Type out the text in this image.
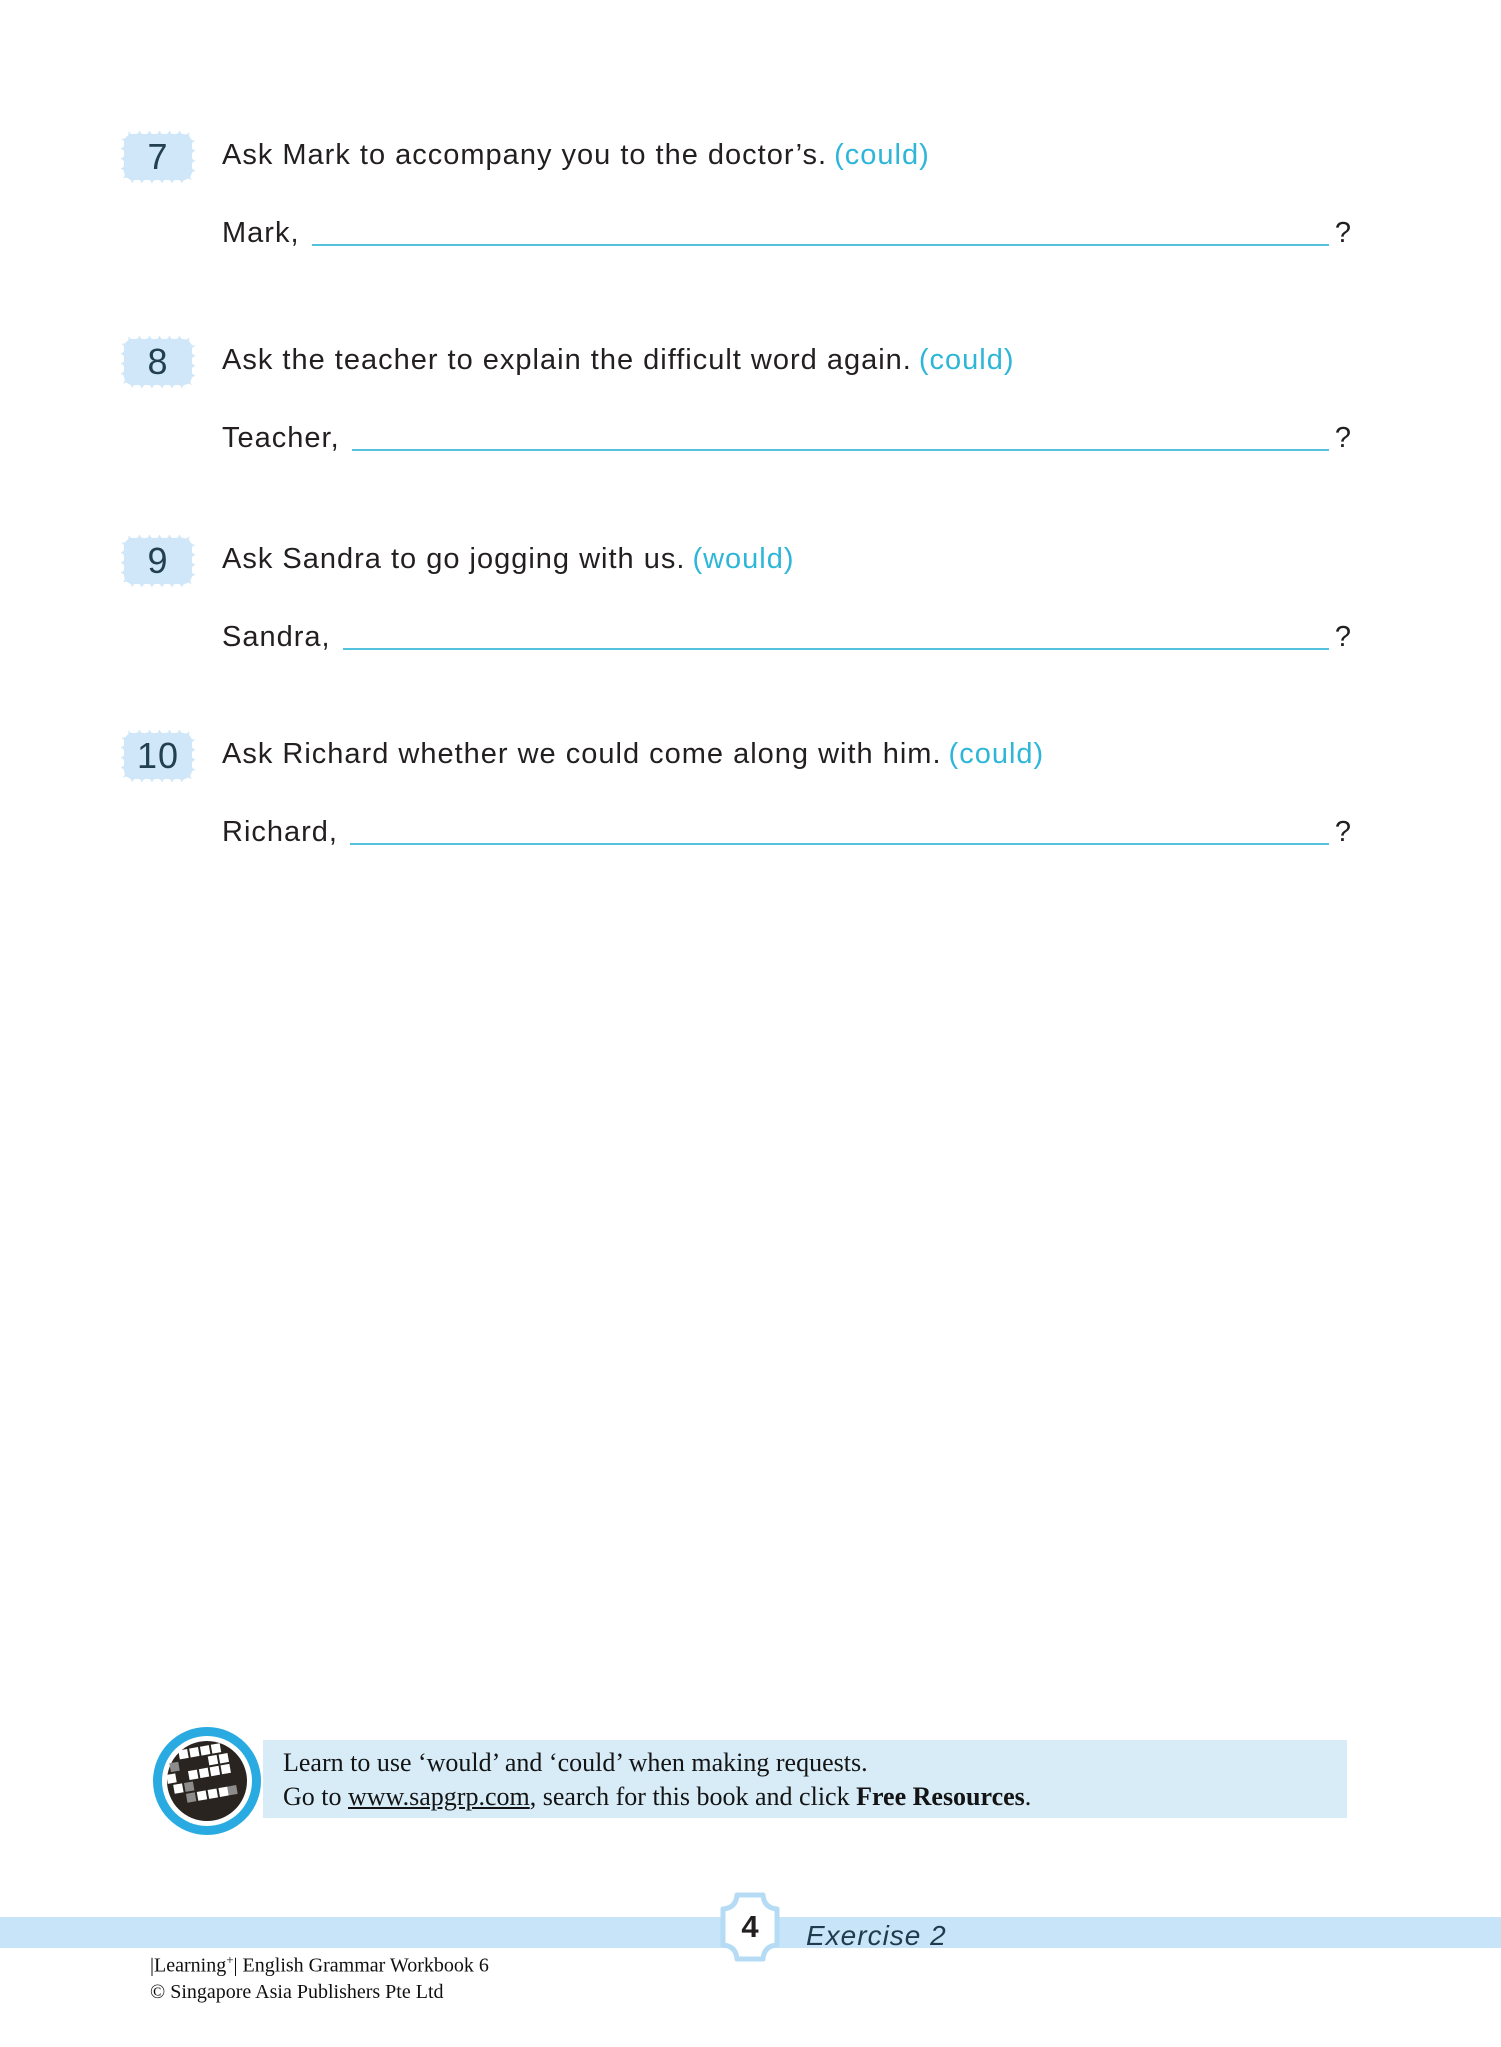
7 Ask Mark to accompany you to the doctor’s. (could)
Mark,	?
8 Ask the teacher to explain the difficult word again. (could)
Teacher,	?
9 Ask Sandra to go jogging with us. (would)
Sandra,	?
10 Ask Richard whether we could come along with him. (could)
Richard,	?
Learn to use ‘would’ and ‘could’ when making requests.
Go to www.sapgrp.com, search for this book and click Free Resources.
4 Exercise 2
|Learning+| English Grammar Workbook 6
© Singapore Asia Publishers Pte Ltd
